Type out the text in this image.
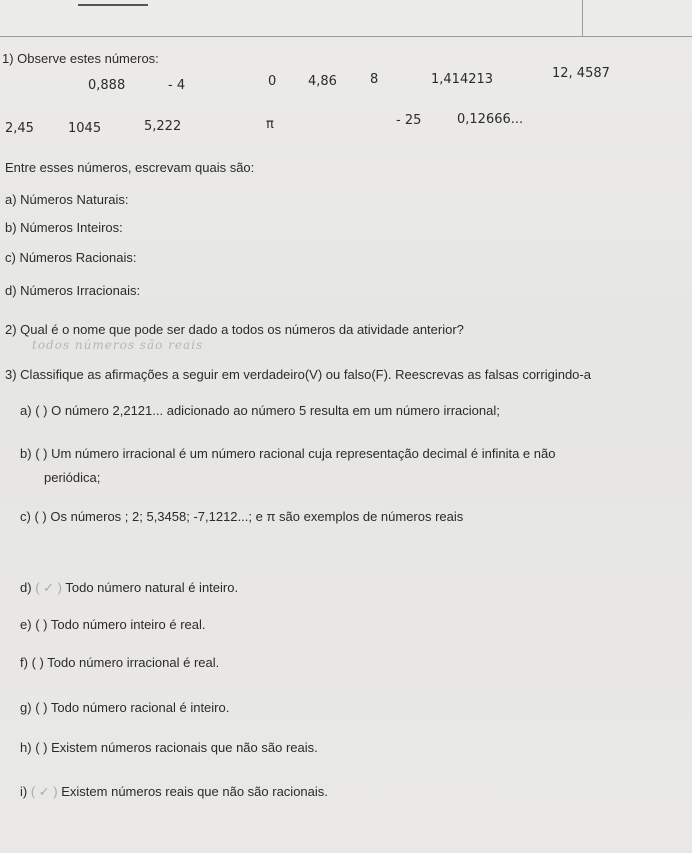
1) Observe estes números:
0,888	- 4	0 4,86	8	1,414213	12, 4587
2,45	1045	5,222	π	- 25	0,12666...
Entre esses números, escrevam quais são:
a) Números Naturais:
b) Números Inteiros:
c) Números Racionais:
d) Números Irracionais:
2) Qual é o nome que pode ser dado a todos os números da atividade anterior?
todos números são reais
3) Classifique as afirmações a seguir em verdadeiro(V) ou falso(F). Reescrevas as falsas corrigindo-a
a) ( ) O número 2,2121... adicionado ao número 5 resulta em um número irracional;
b) ( ) Um número irracional é um número racional cuja representação decimal é infinita e não
periódica;
c) ( ) Os números ; 2; 5,3458; -7,1212...; e π são exemplos de números reais
d) ( ✓ ) Todo número natural é inteiro.
e) ( ) Todo número inteiro é real.
f) ( ) Todo número irracional é real.
g) ( ) Todo número racional é inteiro.
h) ( ) Existem números racionais que não são reais.
i) ( ✓ ) Existem números reais que não são racionais.
